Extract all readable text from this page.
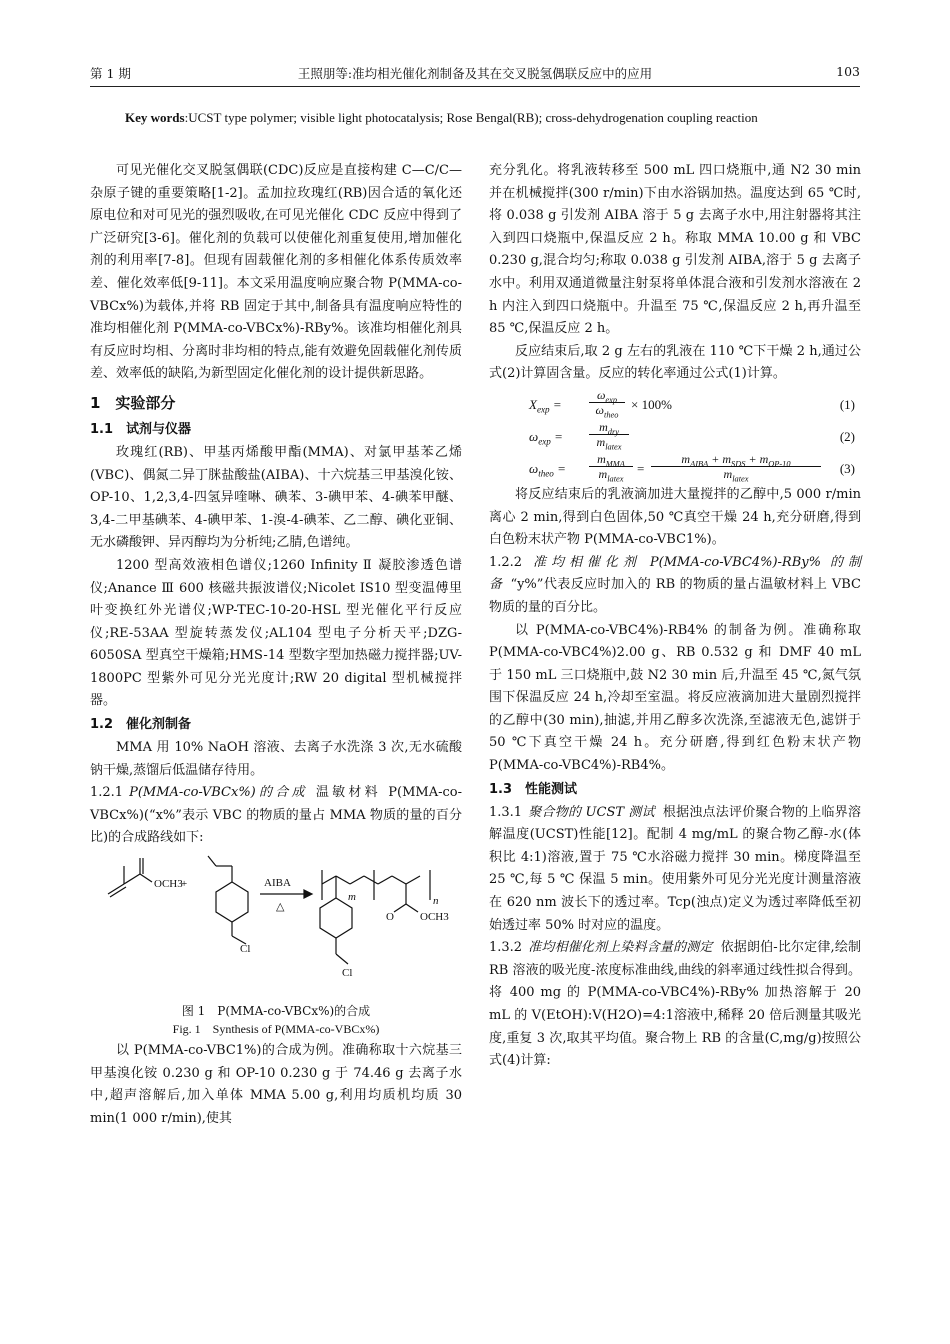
第 1 期	王照朋等:准均相光催化剂制备及其在交叉脱氢偶联反应中的应用	103
Key words:UCST type polymer; visible light photocatalysis; Rose Bengal(RB); cross-dehydrogenation coupling reaction

可见光催化交叉脱氢偶联(CDC)反应是直接构建 C—C/C— 杂原子键的重要策略[1-2]。孟加拉玫瑰红(RB)因合适的氧化还原电位和对可见光的强烈吸收,在可见光催化 CDC 反应中得到了广泛研究[3-6]。催化剂的负载可以使催化剂重复使用,增加催化剂的利用率[7-8]。但现有固载催化剂的多相催化体系传质效率差、催化效率低[9-11]。本文采用温度响应聚合物 P(MMA-co-VBCx%)为载体,并将 RB 固定于其中,制备具有温度响应特性的准均相催化剂 P(MMA-co-VBCx%)-RBy%。该准均相催化剂具有反应时均相、分离时非均相的特点,能有效避免固载催化剂传质差、效率低的缺陷,为新型固定化催化剂的设计提供新思路。

1　实验部分
1.1　试剂与仪器

玫瑰红(RB)、甲基丙烯酸甲酯(MMA)、对氯甲基苯乙烯(VBC)、偶氮二异丁脒盐酸盐(AIBA)、十六烷基三甲基溴化铵、OP-10、1,2,3,4-四氢异喹啉、碘苯、3-碘甲苯、4-碘苯甲醚、3,4-二甲基碘苯、4-碘甲苯、1-溴-4-碘苯、乙二醇、碘化亚铜、无水磷酸钾、异丙醇均为分析纯;乙腈,色谱纯。

1200 型高效液相色谱仪;1260 Infinity Ⅱ 凝胶渗透色谱仪;Anance Ⅲ 600 核磁共振波谱仪;Nicolet IS10 型变温傅里叶变换红外光谱仪;WP-TEC-10-20-HSL 型光催化平行反应仪;RE-53AA 型旋转蒸发仪;AL104 型电子分析天平;DZG-6050SA 型真空干燥箱;HMS-14 型数字型加热磁力搅拌器;UV-1800PC 型紫外可见分光光度计;RW 20 digital 型机械搅拌器。

1.2　催化剂制备

MMA 用 10% NaOH 溶液、去离子水洗涤 3 次,无水硫酸钠干燥,蒸馏后低温储存待用。

1.2.1 P(MMA-co-VBCx%)的合成 温敏材料 P(MMA-co-VBCx%)(“x%”表示 VBC 的物质的量占 MMA 物质的量的百分比)的合成路线如下:

OCH3
+	AIBA
△
Cl
m	n
O OCH3
Cl

图 1　P(MMA-co-VBCx%)的合成

Fig. 1　Synthesis of P(MMA-co-VBCx%)

以 P(MMA-co-VBC1%)的合成为例。准确称取十六烷基三甲基溴化铵 0.230 g 和 OP-10 0.230 g 于 74.46 g 去离子水中,超声溶解后,加入单体 MMA 5.00 g,利用均质机均质 30 min(1 000 r/min),使其

充分乳化。将乳液转移至 500 mL 四口烧瓶中,通 N2 30 min 并在机械搅拌(300 r/min)下由水浴锅加热。温度达到 65 ℃时,将 0.038 g 引发剂 AIBA 溶于 5 g 去离子水中,用注射器将其注入到四口烧瓶中,保温反应 2 h。称取 MMA 10.00 g 和 VBC 0.230 g,混合均匀;称取 0.038 g 引发剂 AIBA,溶于 5 g 去离子水中。利用双通道微量注射泵将单体混合液和引发剂水溶液在 2 h 内注入到四口烧瓶中。升温至 75 ℃,保温反应 2 h,再升温至 85 ℃,保温反应 2 h。

反应结束后,取 2 g 左右的乳液在 110 ℃下干燥 2 h,通过公式(2)计算固含量。反应的转化率通过公式(1)计算。

$X_{exp}$ =
$\omega_{exp}$
$\omega_{theo}$
× 100%	(1)
$\omega_{exp}$ =
$m_{dry}$
$m_{latex}$
(2)
$\omega_{theo}$ =
$m_{MMA}$
$m_{latex}$
=
$m_{AIBA} + m_{SDS} + m_{OP-10}$
$m_{latex}$
(3)

将反应结束后的乳液滴加进大量搅拌的乙醇中,5 000 r/min 离心 2 min,得到白色固体,50 ℃真空干燥 24 h,充分研磨,得到白色粉末状产物 P(MMA-co-VBC1%)。

1.2.2 准均相催化剂 P(MMA-co-VBC4%)-RBy% 的制备 “y%”代表反应时加入的 RB 的物质的量占温敏材料上 VBC 物质的量的百分比。

以 P(MMA-co-VBC4%)-RB4% 的制备为例。准确称取 P(MMA-co-VBC4%)2.00 g、RB 0.532 g 和 DMF 40 mL 于 150 mL 三口烧瓶中,鼓 N2 30 min 后,升温至 45 ℃,氮气氛围下保温反应 24 h,冷却至室温。将反应液滴加进大量剧烈搅拌的乙醇中(30 min),抽滤,并用乙醇多次洗涤,至滤液无色,滤饼于 50 ℃下真空干燥 24 h。充分研磨,得到红色粉末状产物 P(MMA-co-VBC4%)-RB4%。

1.3　性能测试

1.3.1 聚合物的 UCST 测试 根据浊点法评价聚合物的上临界溶解温度(UCST)性能[12]。配制 4 mg/mL 的聚合物乙醇-水(体积比 4:1)溶液,置于 75 ℃水浴磁力搅拌 30 min。梯度降温至 25 ℃,每 5 ℃ 保温 5 min。使用紫外可见分光光度计测量溶液在 620 nm 波长下的透过率。Tcp(浊点)定义为透过率降低至初始透过率 50% 时对应的温度。

1.3.2 准均相催化剂上染料含量的测定 依据朗伯-比尔定律,绘制 RB 溶液的吸光度-浓度标准曲线,曲线的斜率通过线性拟合得到。将 400 mg 的 P(MMA-co-VBC4%)-RBy% 加热溶解于 20 mL 的 V(EtOH):V(H2O)=4:1溶液中,稀释 20 倍后测量其吸光度,重复 3 次,取其平均值。聚合物上 RB 的含量(C,mg/g)按照公式(4)计算:
